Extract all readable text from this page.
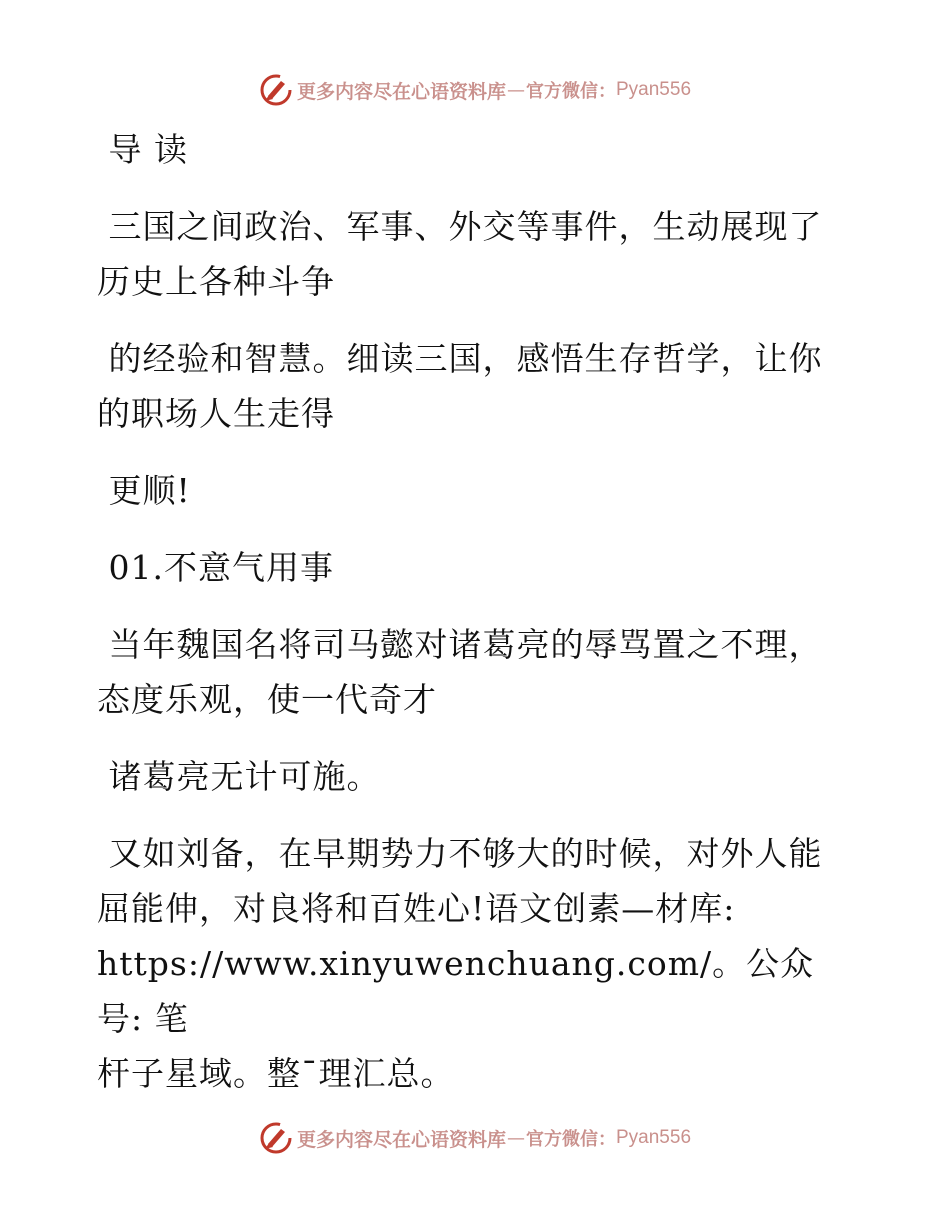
更多内容尽在心语资料库 — 官方微信： Pyan556

导 读

三国之间政治、军事、外交等事件，生动展现了
历史上各种斗争

的经验和智慧。细读三国，感悟生存哲学，让你
的职场人生走得

更顺!

01.不意气用事

当年魏国名将司马懿对诸葛亮的辱骂置之不理，
态度乐观，使一代奇才

诸葛亮无计可施。

又如刘备，在早期势力不够大的时候，对外人能
屈能伸，对良将和百姓心!语文创素—材库:
https://www.xinyuwenchuang.com/。公众号: 笔
杆子星域。整¯理汇总。

更多内容尽在心语资料库 — 官方微信： Pyan556
